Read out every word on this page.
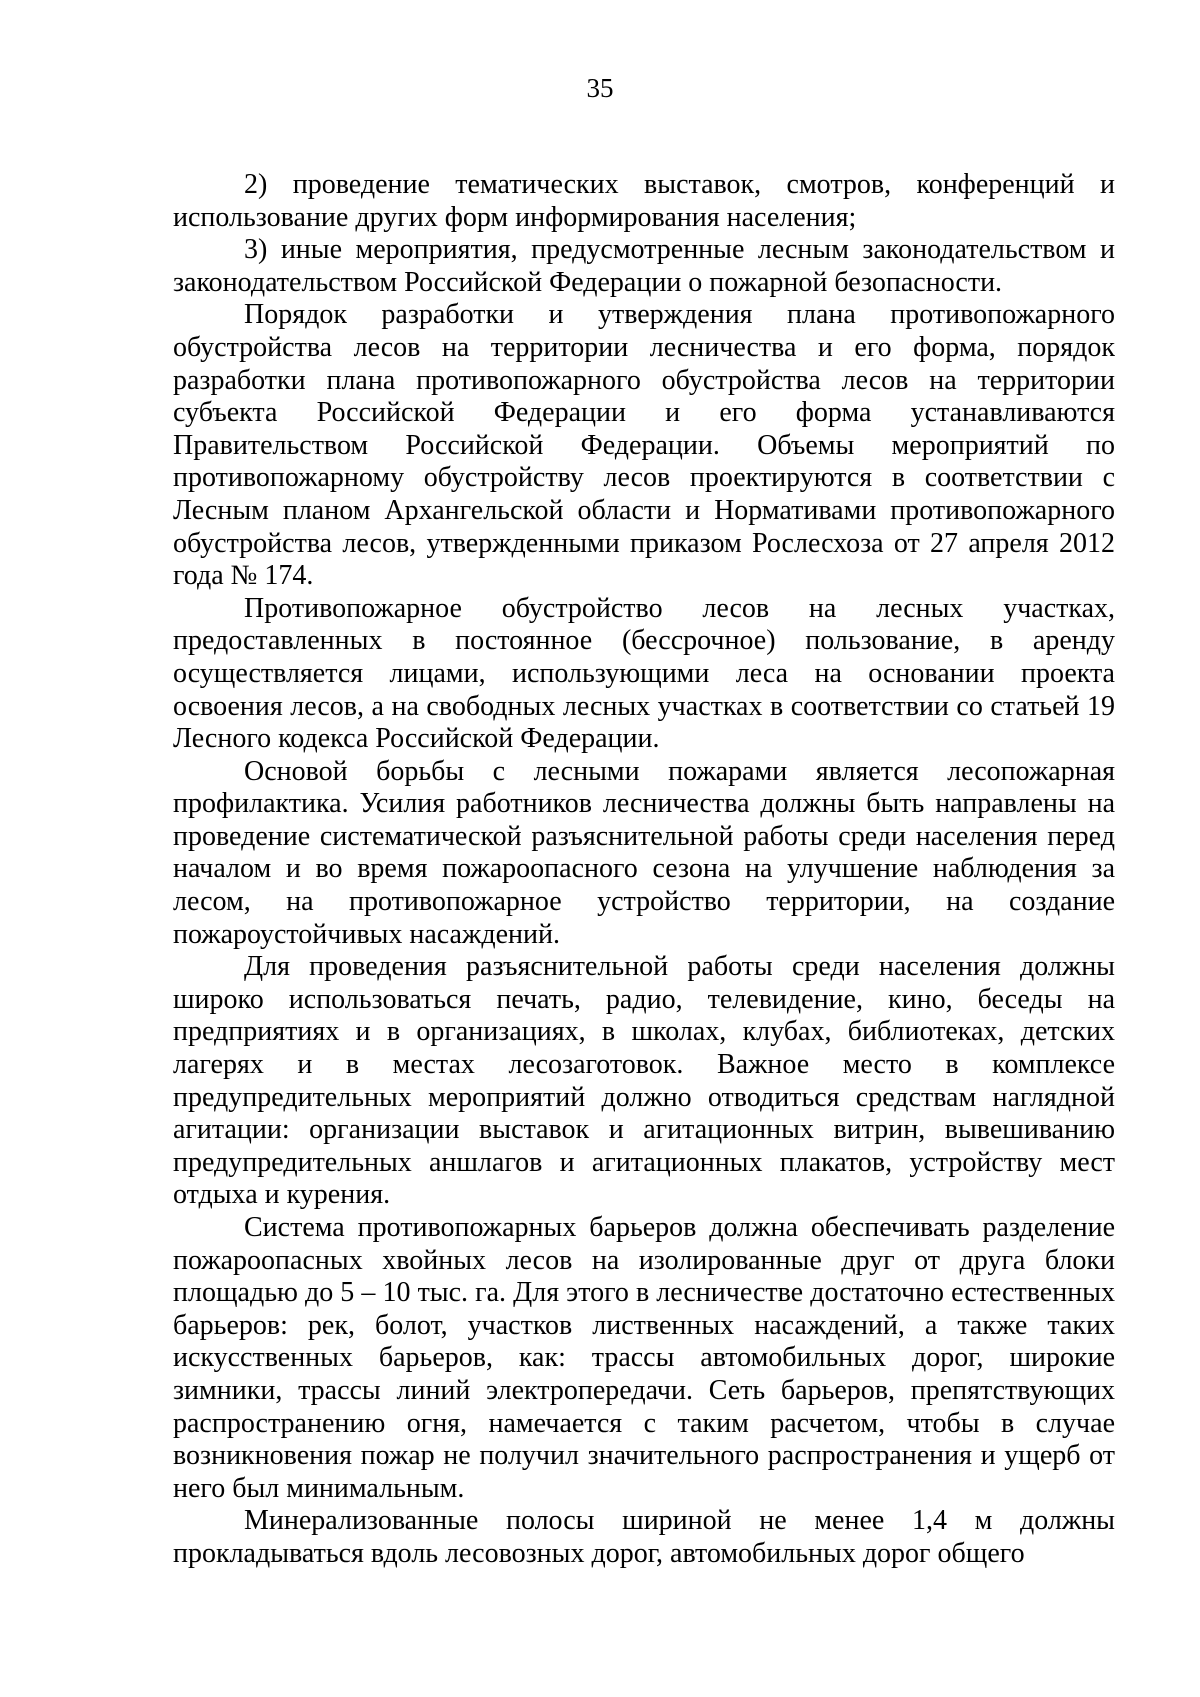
35

2) проведение тематических выставок, смотров, конференций и использование других форм информирования населения;

3) иные мероприятия, предусмотренные лесным законодательством и законодательством Российской Федерации о пожарной безопасности.

Порядок разработки и утверждения плана противопожарного обустройства лесов на территории лесничества и его форма, порядок разработки плана противопожарного обустройства лесов на территории субъекта Российской Федерации и его форма устанавливаются Правительством Российской Федерации. Объемы мероприятий по противопожарному обустройству лесов проектируются в соответствии с Лесным планом Архангельской области и Нормативами противопожарного обустройства лесов, утвержденными приказом Рослесхоза от 27 апреля 2012 года № 174.

Противопожарное обустройство лесов на лесных участках, предоставленных в постоянное (бессрочное) пользование, в аренду осуществляется лицами, использующими леса на основании проекта освоения лесов, а на свободных лесных участках в соответствии со статьей 19 Лесного кодекса Российской Федерации.

Основой борьбы с лесными пожарами является лесопожарная профилактика. Усилия работников лесничества должны быть направлены на проведение систематической разъяснительной работы среди населения перед началом и во время пожароопасного сезона на улучшение наблюдения за лесом, на противопожарное устройство территории, на создание пожароустойчивых насаждений.

Для проведения разъяснительной работы среди населения должны широко использоваться печать, радио, телевидение, кино, беседы на предприятиях и в организациях, в школах, клубах, библиотеках, детских лагерях и в местах лесозаготовок. Важное место в комплексе предупредительных мероприятий должно отводиться средствам наглядной агитации: организации выставок и агитационных витрин, вывешиванию предупредительных аншлагов и агитационных плакатов, устройству мест отдыха и курения.

Система противопожарных барьеров должна обеспечивать разделение пожароопасных хвойных лесов на изолированные друг от друга блоки площадью до 5 – 10 тыс. га. Для этого в лесничестве достаточно естественных барьеров: рек, болот, участков лиственных насаждений, а также таких искусственных барьеров, как: трассы автомобильных дорог, широкие зимники, трассы линий электропередачи. Сеть барьеров, препятствующих распространению огня, намечается с таким расчетом, чтобы в случае возникновения пожар не получил значительного распространения и ущерб от него был минимальным.

Минерализованные полосы шириной не менее 1,4 м должны прокладываться вдоль лесовозных дорог, автомобильных дорог общего
